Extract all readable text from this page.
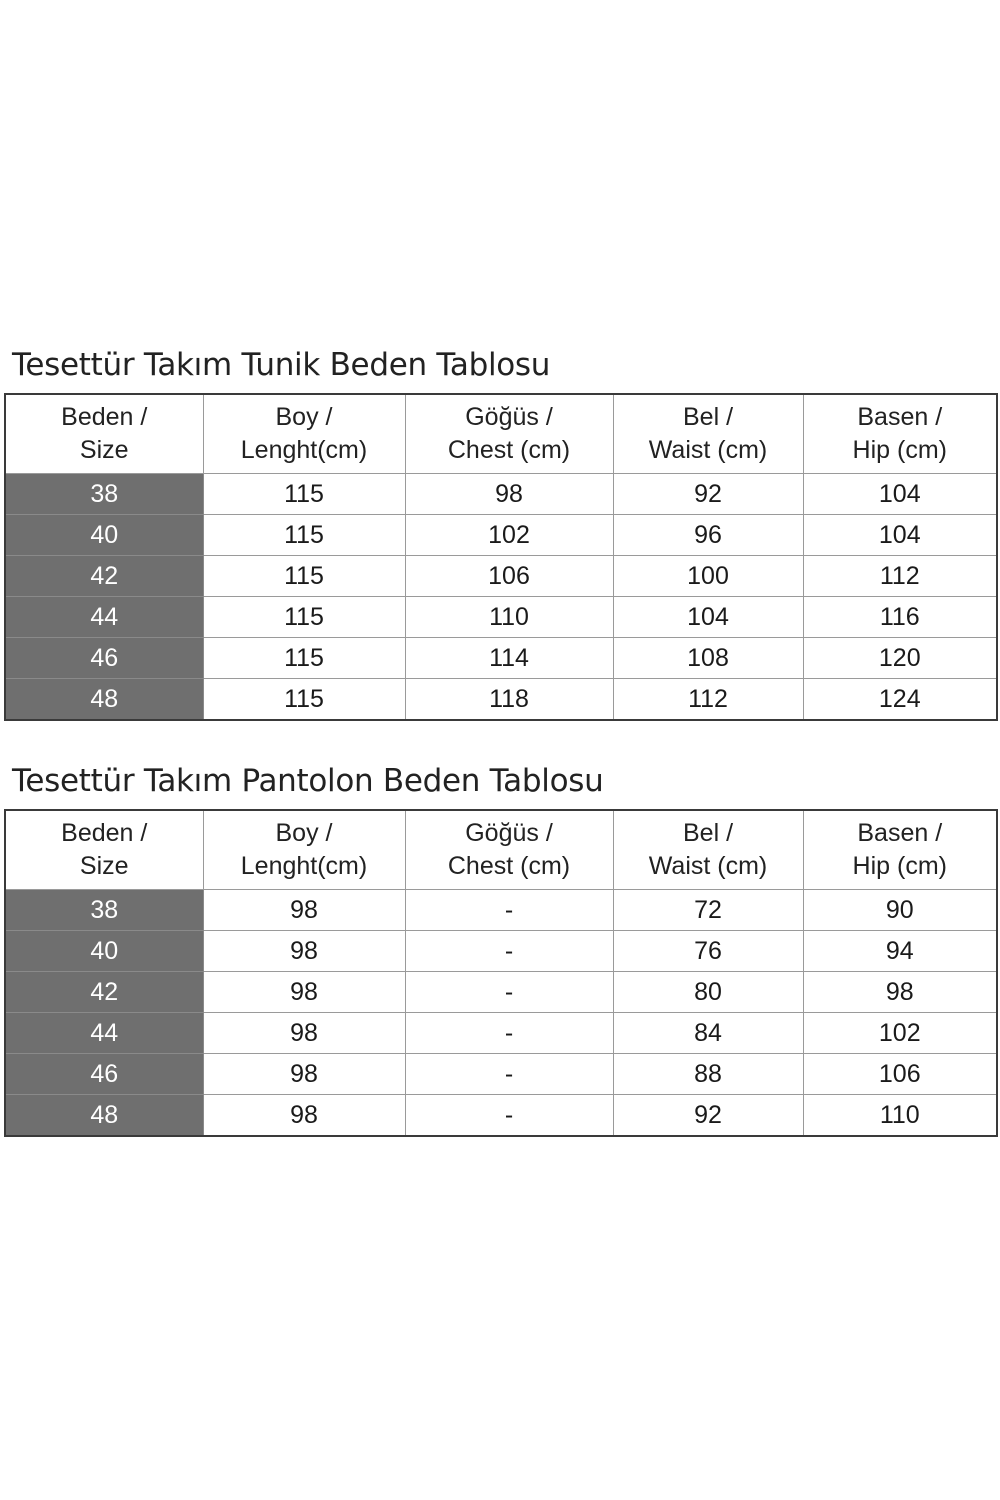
Tesettür Takım Tunik Beden Tablosu
Beden /
Size	Boy /
Lenght(cm)	Göğüs /
Chest (cm)	Bel /
Waist (cm)	Basen /
Hip (cm)

38	115	98	92	104
40	115	102	96	104
42	115	106	100	112
44	115	110	104	116
46	115	114	108	120
48	115	118	112	124
Tesettür Takım Pantolon Beden Tablosu
Beden /
Size	Boy /
Lenght(cm)	Göğüs /
Chest (cm)	Bel /
Waist (cm)	Basen /
Hip (cm)

38	98	-	72	90
40	98	-	76	94
42	98	-	80	98
44	98	-	84	102
46	98	-	88	106
48	98	-	92	110
